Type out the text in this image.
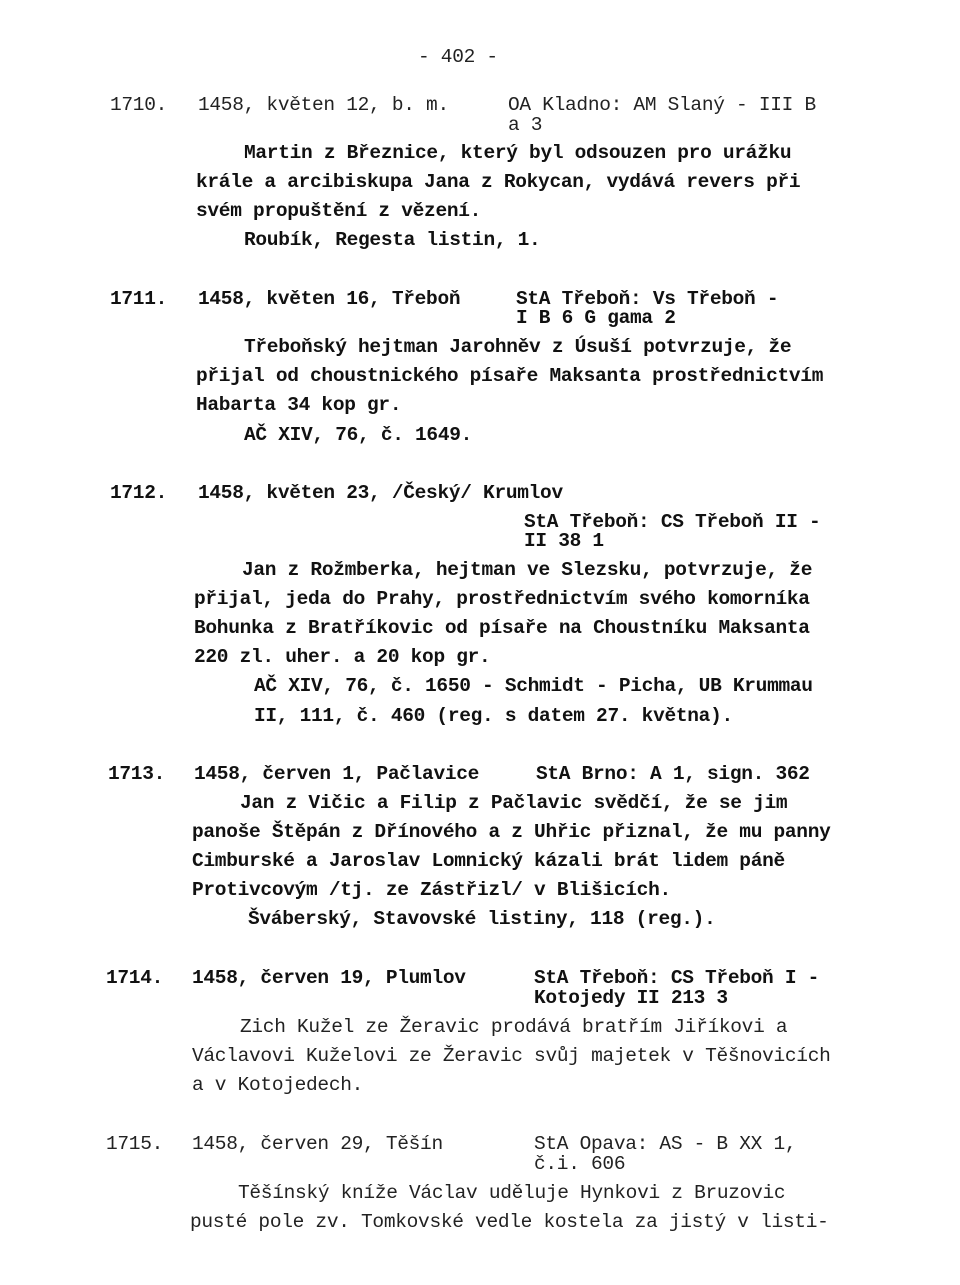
- 402 -
1710. 1458, květen 12, b. m.	OA Kladno: AM Slaný - III B
a 3
Martin z Březnice, který byl odsouzen pro urážku
krále a arcibiskupa Jana z Rokycan, vydává revers při
svém propuštění z vězení.
Roubík, Regesta listin, 1.
1711. 1458, květen 16, Třeboň	StA Třeboň: Vs Třeboň -
I B 6 G gama 2
Třeboňský hejtman Jarohněv z Úsuší potvrzuje, že
přijal od choustnického písaře Maksanta prostřednictvím
Habarta 34 kop gr.
AČ XIV, 76, č. 1649.
1712. 1458, květen 23, /Český/ Krumlov
StA Třeboň: CS Třeboň II -
II 38 1
Jan z Rožmberka, hejtman ve Slezsku, potvrzuje, že
přijal, jeda do Prahy, prostřednictvím svého komorníka
Bohunka z Bratříkovic od písaře na Choustníku Maksanta
220 zl. uher. a 20 kop gr.
AČ XIV, 76, č. 1650 - Schmidt - Picha, UB Krummau
II, 111, č. 460 (reg. s datem 27. května).
1713. 1458, červen 1, Pačlavice	StA Brno: A 1, sign. 362
Jan z Vičic a Filip z Pačlavic svědčí, že se jim
panoše Štěpán z Dřínového a z Uhřic přiznal, že mu panny
Cimburské a Jaroslav Lomnický kázali brát lidem páně
Protivcovým /tj. ze Zástřizl/ v Blišicích.
Šváberský, Stavovské listiny, 118 (reg.).
1714. 1458, červen 19, Plumlov	StA Třeboň: CS Třeboň I -
Kotojedy II 213 3
Zich Kužel ze Žeravic prodává bratřím Jiříkovi a
Václavovi Kuželovi ze Žeravic svůj majetek v Těšnovicích
a v Kotojedech.
1715. 1458, červen 29, Těšín	StA Opava: AS - B XX 1,
č.i. 606
Těšínský kníže Václav uděluje Hynkovi z Bruzovic
pusté pole zv. Tomkovské vedle kostela za jistý v listi-
